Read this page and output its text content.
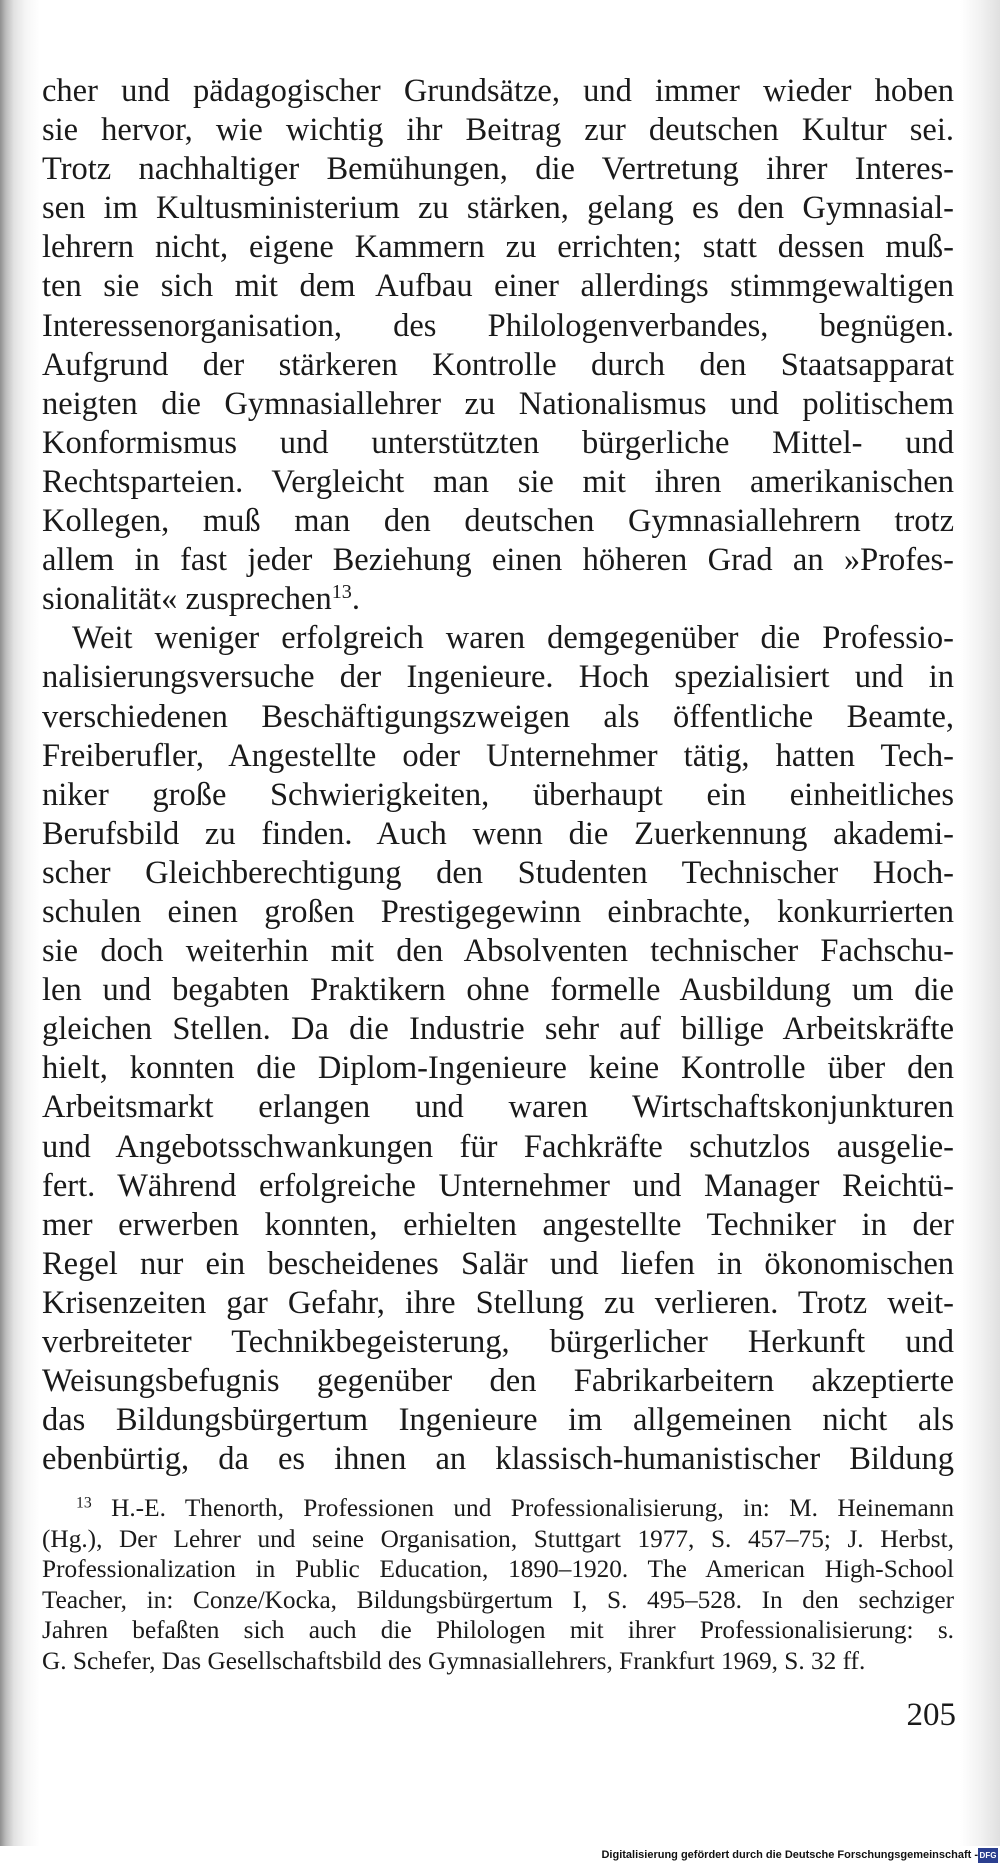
cher und pädagogischer Grundsätze, und immer wieder hoben
sie hervor, wie wichtig ihr Beitrag zur deutschen Kultur sei.
Trotz nachhaltiger Bemühungen, die Vertretung ihrer Interes-
sen im Kultusministerium zu stärken, gelang es den Gymnasial-
lehrern nicht, eigene Kammern zu errichten; statt dessen muß-
ten sie sich mit dem Aufbau einer allerdings stimmgewaltigen
Interessenorganisation, des Philologenverbandes, begnügen.
Aufgrund der stärkeren Kontrolle durch den Staatsapparat
neigten die Gymnasiallehrer zu Nationalismus und politischem
Konformismus und unterstützten bürgerliche Mittel- und
Rechtsparteien. Vergleicht man sie mit ihren amerikanischen
Kollegen, muß man den deutschen Gymnasiallehrern trotz
allem in fast jeder Beziehung einen höheren Grad an »Profes-
sionalität« zusprechen$^{13}$.
Weit weniger erfolgreich waren demgegenüber die Professio-
nalisierungsversuche der Ingenieure. Hoch spezialisiert und in
verschiedenen Beschäftigungszweigen als öffentliche Beamte,
Freiberufler, Angestellte oder Unternehmer tätig, hatten Tech-
niker große Schwierigkeiten, überhaupt ein einheitliches
Berufsbild zu finden. Auch wenn die Zuerkennung akademi-
scher Gleichberechtigung den Studenten Technischer Hoch-
schulen einen großen Prestigegewinn einbrachte, konkurrierten
sie doch weiterhin mit den Absolventen technischer Fachschu-
len und begabten Praktikern ohne formelle Ausbildung um die
gleichen Stellen. Da die Industrie sehr auf billige Arbeitskräfte
hielt, konnten die Diplom-Ingenieure keine Kontrolle über den
Arbeitsmarkt erlangen und waren Wirtschaftskonjunkturen
und Angebotsschwankungen für Fachkräfte schutzlos ausgelie-
fert. Während erfolgreiche Unternehmer und Manager Reichtü-
mer erwerben konnten, erhielten angestellte Techniker in der
Regel nur ein bescheidenes Salär und liefen in ökonomischen
Krisenzeiten gar Gefahr, ihre Stellung zu verlieren. Trotz weit-
verbreiteter Technikbegeisterung, bürgerlicher Herkunft und
Weisungsbefugnis gegenüber den Fabrikarbeitern akzeptierte
das Bildungsbürgertum Ingenieure im allgemeinen nicht als
ebenbürtig, da es ihnen an klassisch-humanistischer Bildung
$^{13}$ H.-E. Thenorth, Professionen und Professionalisierung, in: M. Heinemann
(Hg.), Der Lehrer und seine Organisation, Stuttgart 1977, S. 457–75; J. Herbst,
Professionalization in Public Education, 1890–1920. The American High-School
Teacher, in: Conze/Kocka, Bildungsbürgertum I, S. 495–528. In den sechziger
Jahren befaßten sich auch die Philologen mit ihrer Professionalisierung: s.
G. Schefer, Das Gesellschaftsbild des Gymnasiallehrers, Frankfurt 1969, S. 32 ff.
205
Digitalisierung gefördert durch die Deutsche Forschungsgemeinschaft - DFG
